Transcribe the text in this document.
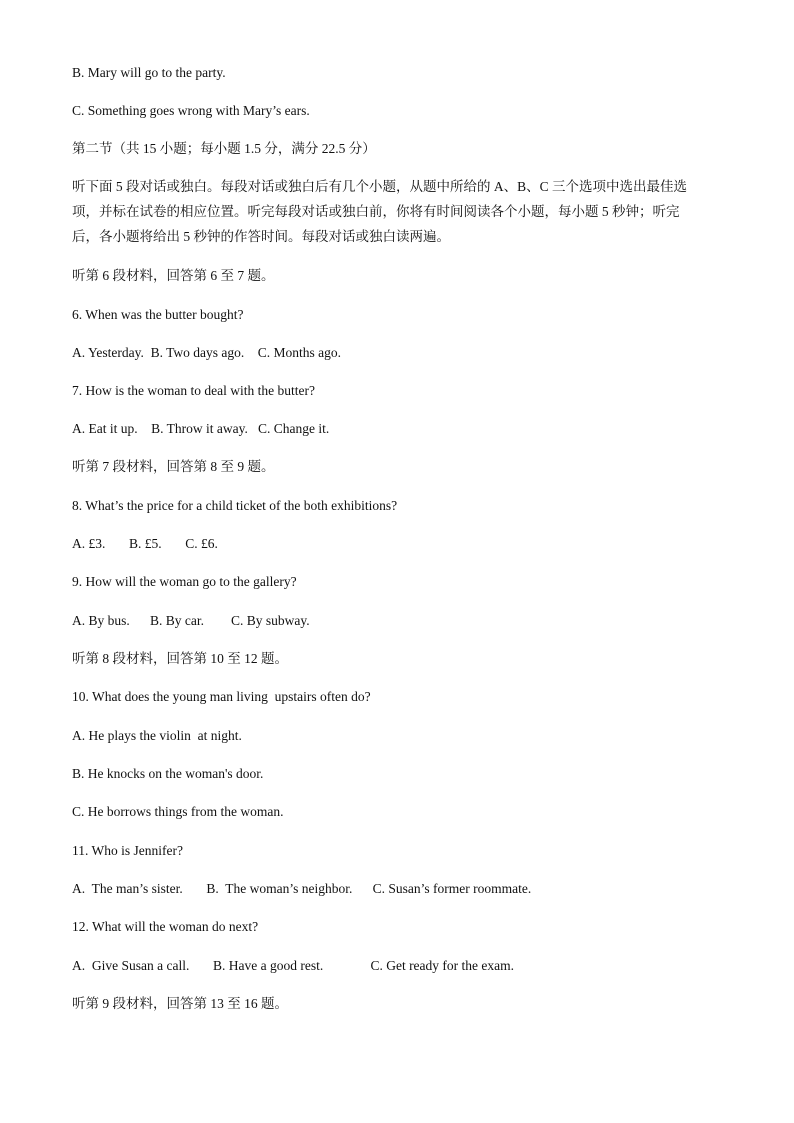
B. Mary will go to the party.

C. Something goes wrong with Mary’s ears.

第二节（共 15 小题；每小题 1.5 分，满分 22.5 分）

听下面 5 段对话或独白。每段对话或独白后有几个小题，从题中所给的 A、B、C 三个选项中选出最佳选

项，并标在试卷的相应位置。听完每段对话或独白前，你将有时间阅读各个小题，每小题 5 秒钟；听完

后，各小题将给出 5 秒钟的作答时间。每段对话或独白读两遍。

听第 6 段材料，回答第 6 至 7 题。

6. When was the butter bought?

A. Yesterday.  B. Two days ago.    C. Months ago.

7. How is the woman to deal with the butter?

A. Eat it up.    B. Throw it away.   C. Change it.

听第 7 段材料，回答第 8 至 9 题。

8. What’s the price for a child ticket of the both exhibitions?

A. £3.       B. £5.       C. £6.

9. How will the woman go to the gallery?

A. By bus.      B. By car.        C. By subway.

听第 8 段材料，回答第 10 至 12 题。

10. What does the young man living  upstairs often do?

A. He plays the violin  at night.

B. He knocks on the woman's door.

C. He borrows things from the woman.

11. Who is Jennifer?

A.  The man’s sister.       B.  The woman’s neighbor.      C. Susan’s former roommate.

12. What will the woman do next?

A.  Give Susan a call.       B. Have a good rest.              C. Get ready for the exam.

听第 9 段材料，回答第 13 至 16 题。
